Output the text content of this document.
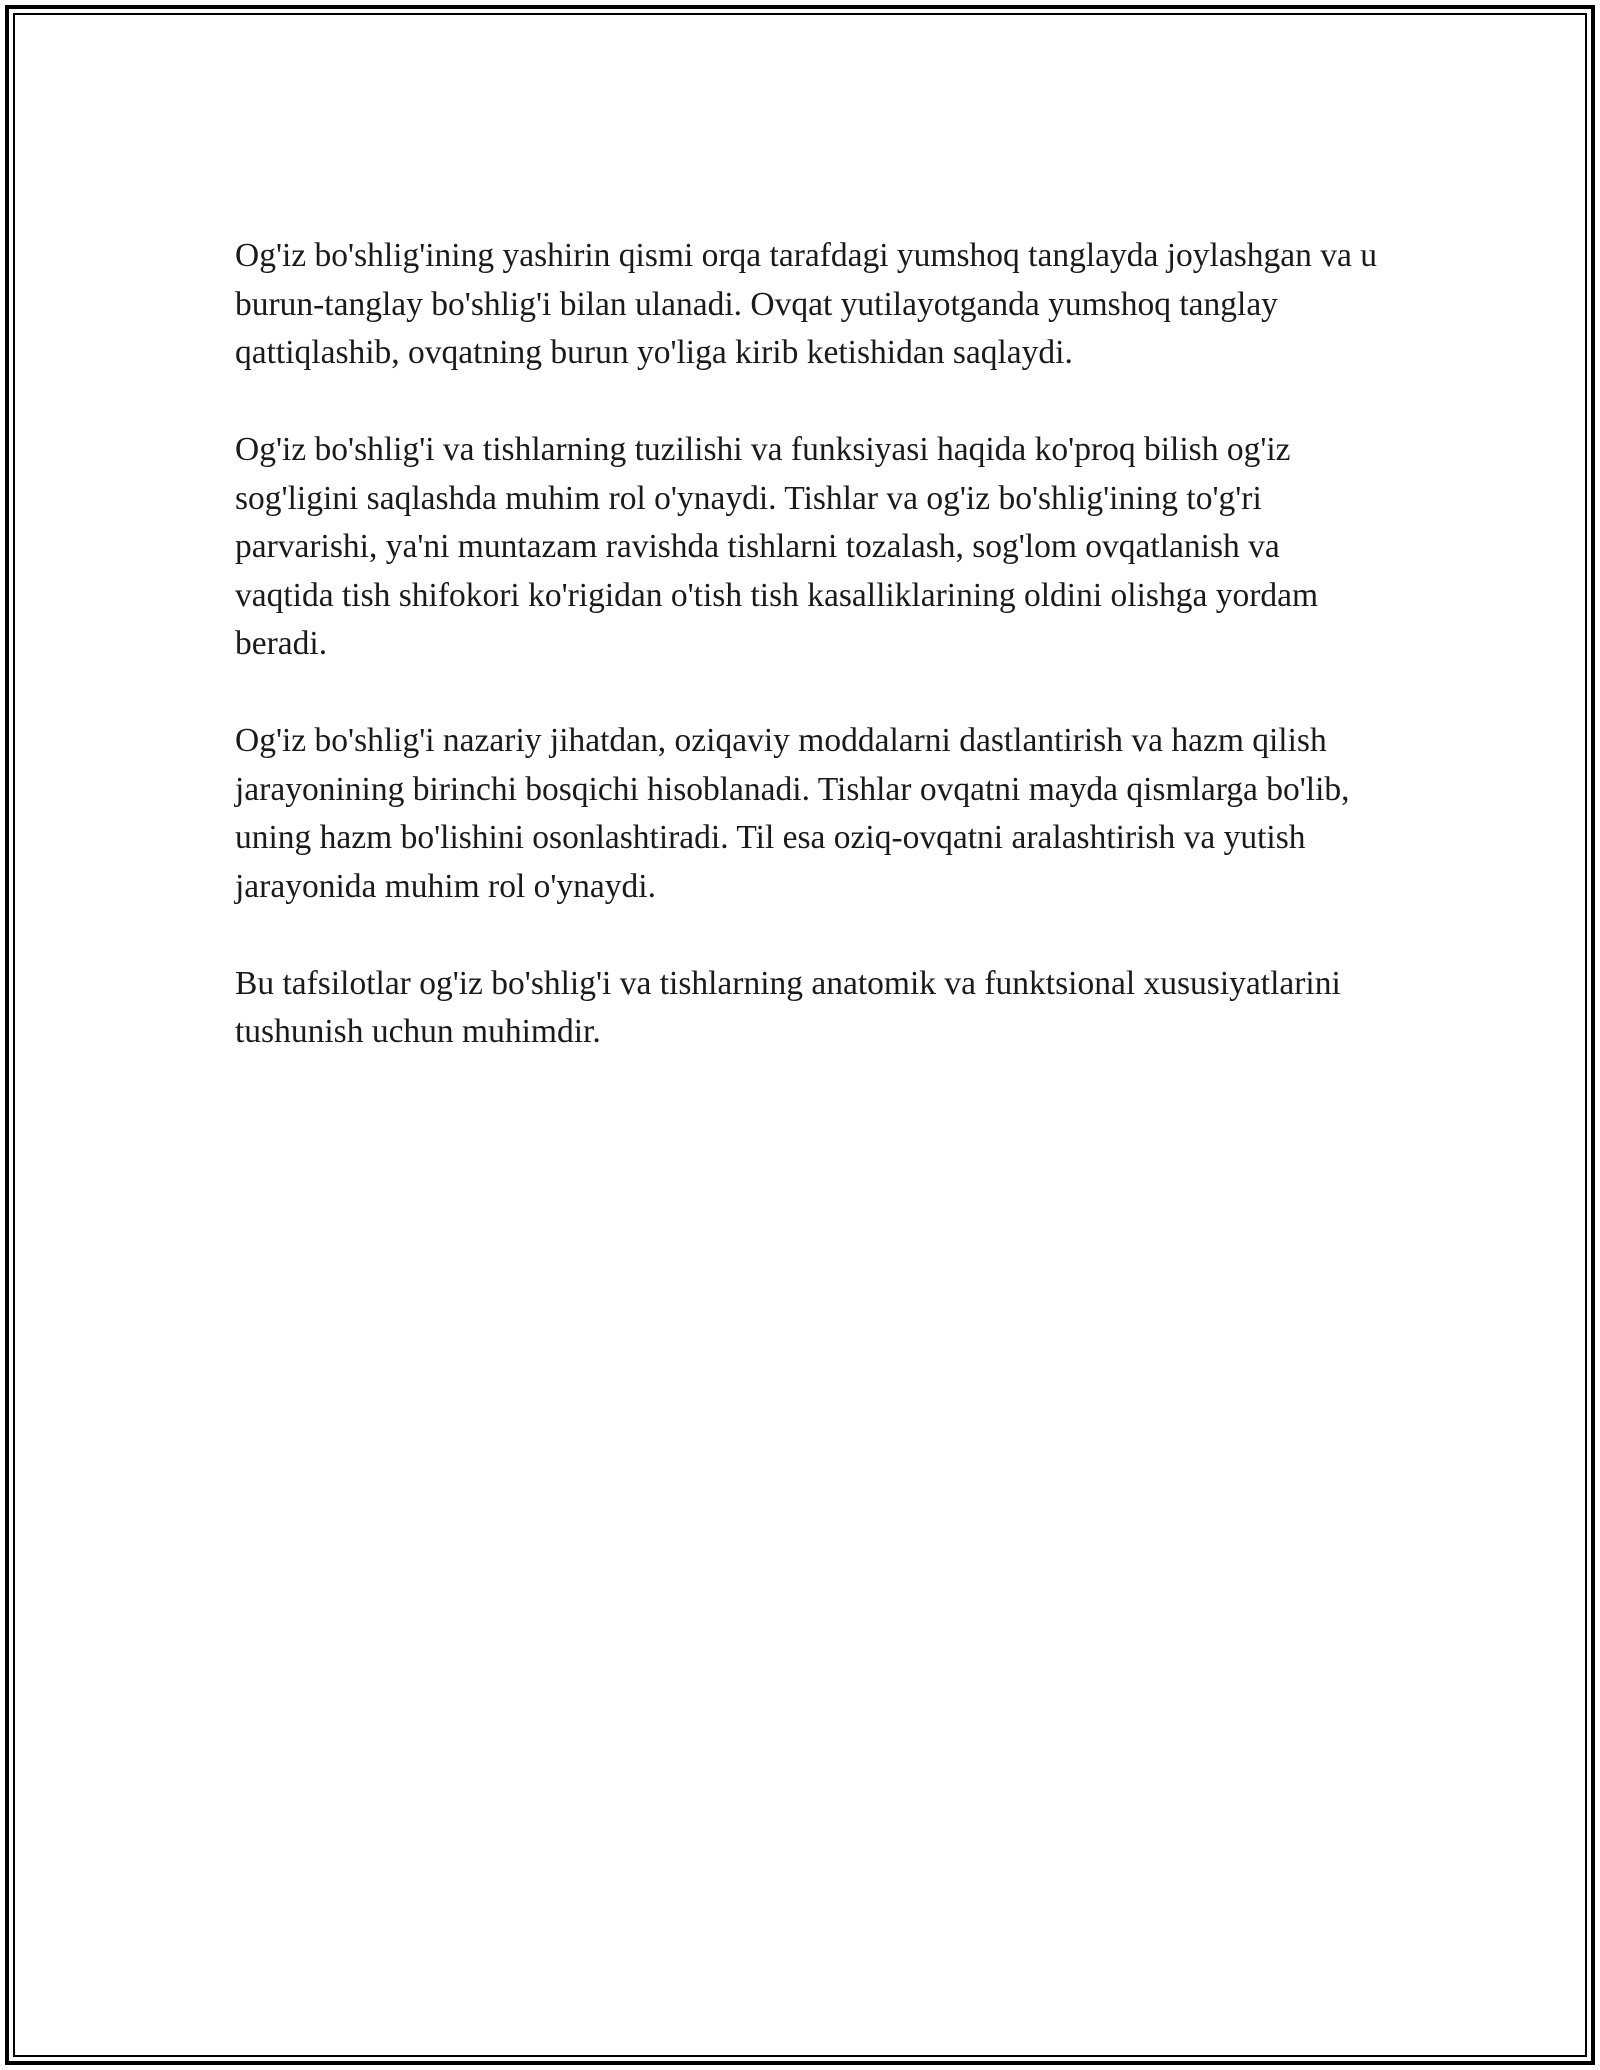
Og'iz bo'shlig'ining yashirin qismi orqa tarafdagi yumshoq tanglayda joylashgan va u burun-tanglay bo'shlig'i bilan ulanadi. Ovqat yutilayotganda yumshoq tanglay qattiqlashib, ovqatning burun yo'liga kirib ketishidan saqlaydi.

Og'iz bo'shlig'i va tishlarning tuzilishi va funksiyasi haqida ko'proq bilish og'iz sog'ligini saqlashda muhim rol o'ynaydi. Tishlar va og'iz bo'shlig'ining to'g'ri parvarishi, ya'ni muntazam ravishda tishlarni tozalash, sog'lom ovqatlanish va vaqtida tish shifokori ko'rigidan o'tish tish kasalliklarining oldini olishga yordam beradi.

Og'iz bo'shlig'i nazariy jihatdan, oziqaviy moddalarni dastlantirish va hazm qilish jarayonining birinchi bosqichi hisoblanadi. Tishlar ovqatni mayda qismlarga bo'lib, uning hazm bo'lishini osonlashtiradi. Til esa oziq-ovqatni aralashtirish va yutish jarayonida muhim rol o'ynaydi.

Bu tafsilotlar og'iz bo'shlig'i va tishlarning anatomik va funktsional xususiyatlarini tushunish uchun muhimdir.
